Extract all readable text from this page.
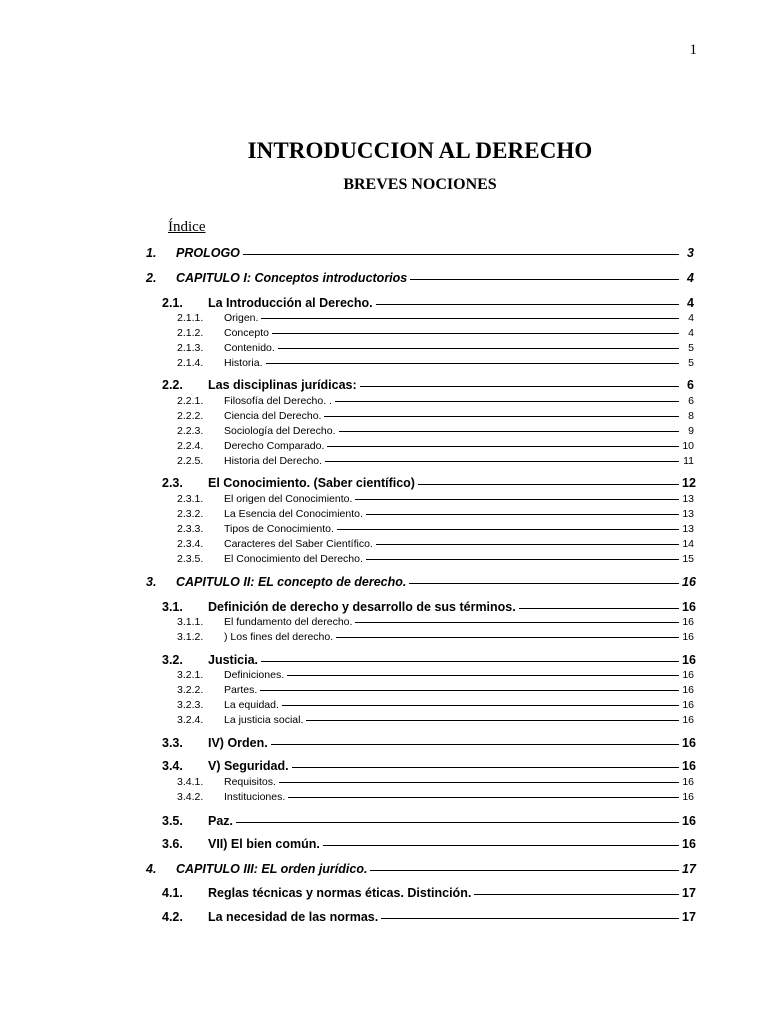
1
INTRODUCCION AL DERECHO
BREVES NOCIONES
Índice
1.	PROLOGO	3
2.	CAPITULO I: Conceptos introductorios	4
2.1.	La Introducción al Derecho.	4
2.1.1.	Origen.	4
2.1.2.	Concepto	4
2.1.3.	Contenido.	5
2.1.4.	Historia.	5
2.2.	Las disciplinas jurídicas:	6
2.2.1.	Filosofía del Derecho. .	6
2.2.2.	Ciencia del Derecho.	8
2.2.3.	Sociología del Derecho.	9
2.2.4.	Derecho Comparado.	10
2.2.5.	Historia del Derecho.	11
2.3.	El Conocimiento. (Saber científico)	12
2.3.1.	El origen del Conocimiento.	13
2.3.2.	La Esencia del Conocimiento.	13
2.3.3.	Tipos de Conocimiento.	13
2.3.4.	Caracteres del Saber Científico.	14
2.3.5.	El Conocimiento del Derecho.	15
3.	CAPITULO II: EL concepto de derecho.	16
3.1.	Definición de derecho y desarrollo de sus términos.	16
3.1.1.	El fundamento del derecho.	16
3.1.2.	) Los fines del derecho.	16
3.2.	Justicia.	16
3.2.1.	Definiciones.	16
3.2.2.	Partes.	16
3.2.3.	La equidad.	16
3.2.4.	La justicia social.	16
3.3.	IV) Orden.	16
3.4.	V) Seguridad.	16
3.4.1.	Requisitos.	16
3.4.2.	Instituciones.	16
3.5.	Paz.	16
3.6.	VII) El bien común.	16
4.	CAPITULO III: EL orden jurídico.	17
4.1.	Reglas técnicas y normas éticas. Distinción.	17
4.2.	La necesidad de las normas.	17
